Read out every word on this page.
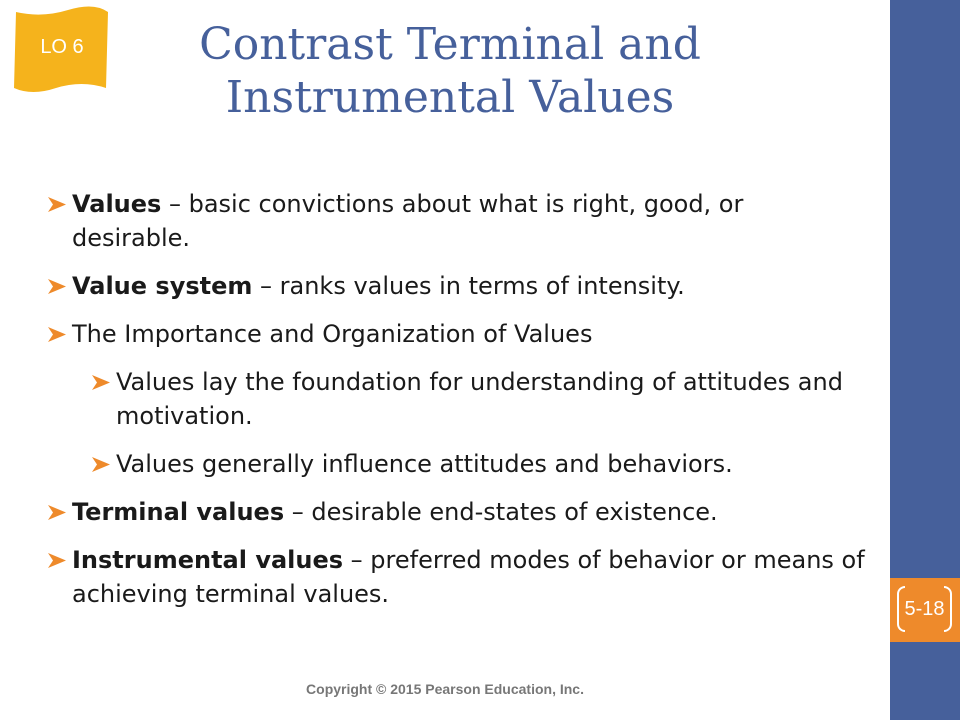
5-18
LO 6	Contrast Terminal and
Instrumental Values
Values – basic convictions about what is right, good, or desirable.
Value system – ranks values in terms of intensity.
The Importance and Organization of Values
Values lay the foundation for understanding of attitudes and motivation.
Values generally influence attitudes and behaviors.
Terminal values – desirable end-states of existence.
Instrumental values – preferred modes of behavior or means of achieving terminal values.
Copyright © 2015 Pearson Education, Inc.
